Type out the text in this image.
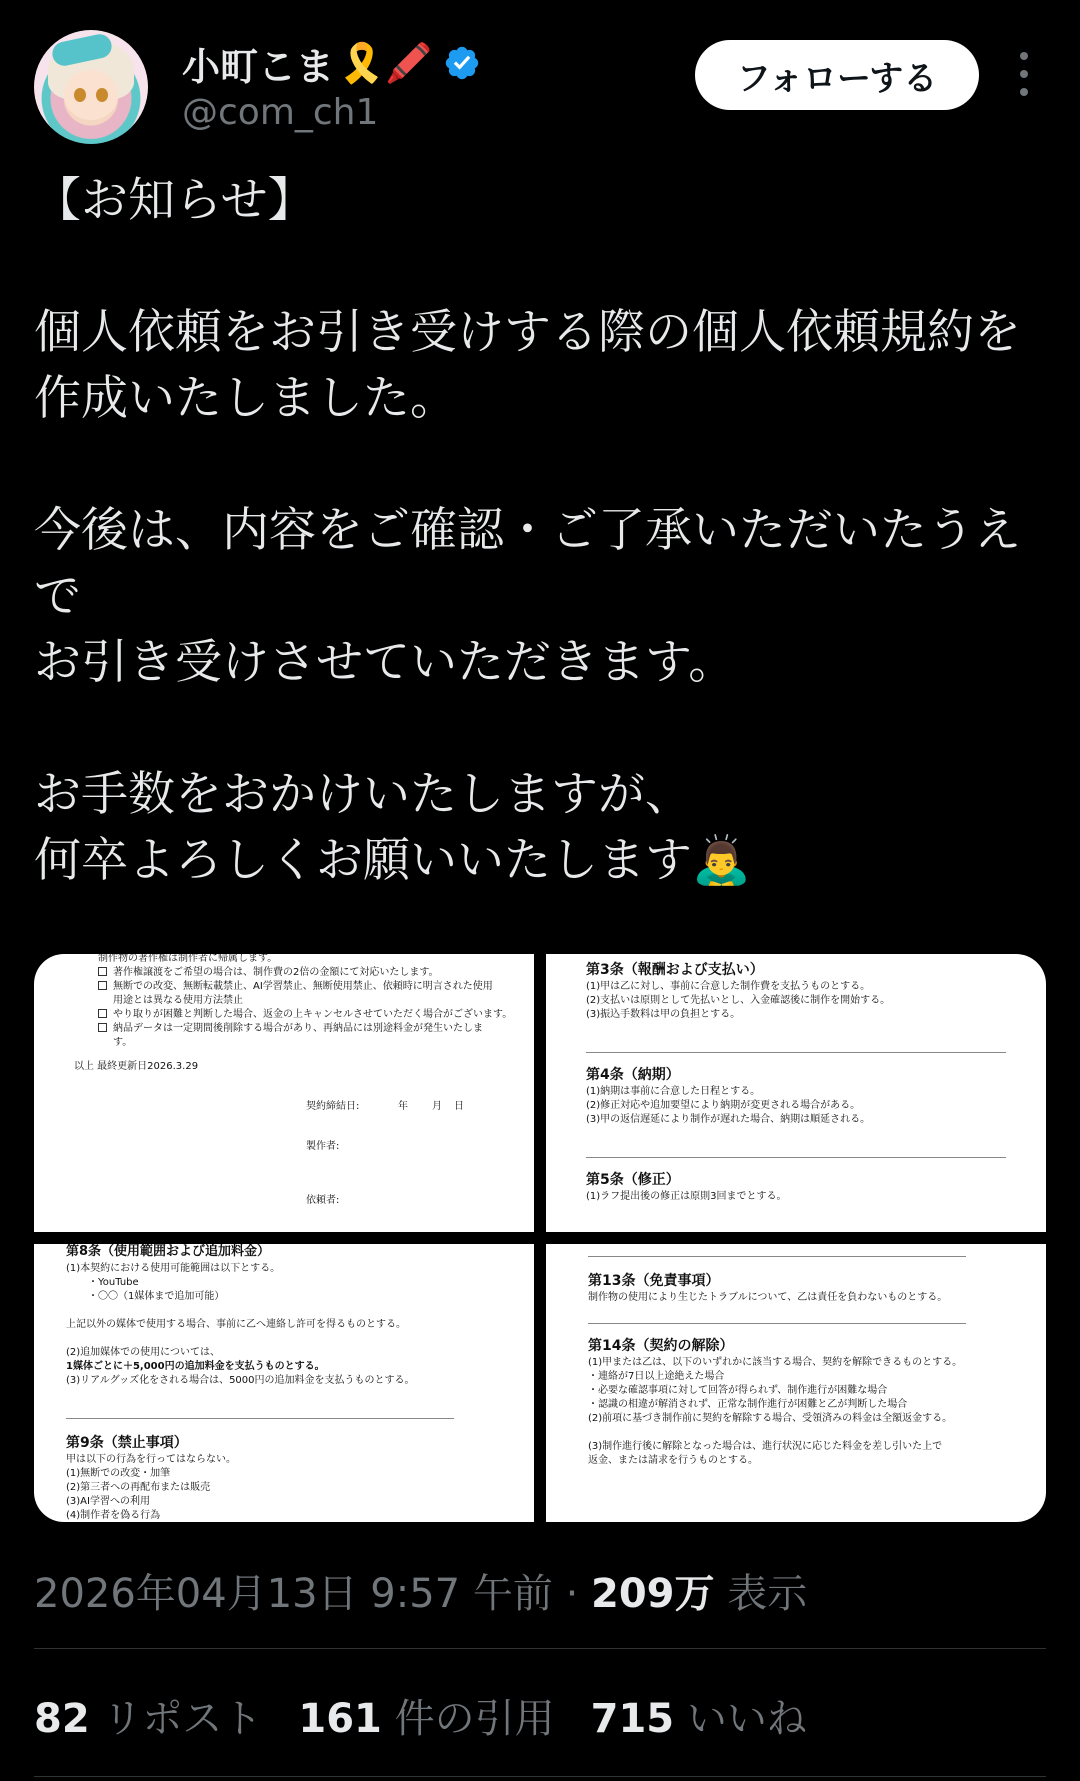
小町こま 🎗️🖍️
@com_ch1
フォローする
【お知らせ】
個人依頼をお引き受けする際の個人依頼規約を
作成いたしました。
今後は、内容をご確認・ご了承いただいたうえ
で
お引き受けさせていただきます。
お手数をおかけいたしますが、
何卒よろしくお願いいたします🙇‍♂️
制作物の著作権は制作者に帰属します。
著作権譲渡をご希望の場合は、制作費の2倍の金額にて対応いたします。
無断での改変、無断転載禁止、AI学習禁止、無断使用禁止、依頼時に明言された使用
用途とは異なる使用方法禁止
やり取りが困難と判断した場合、返金の上キャンセルさせていただく場合がございます。
納品データは一定期間後削除する場合があり、再納品には別途料金が発生いたしま
す。
以上 最終更新日2026.3.29
契約締結日:	年 月 日
製作者:
依頼者:
第3条（報酬および支払い）
(1)甲は乙に対し、事前に合意した制作費を支払うものとする。
(2)支払いは原則として先払いとし、入金確認後に制作を開始する。
(3)振込手数料は甲の負担とする。
第4条（納期）
(1)納期は事前に合意した日程とする。
(2)修正対応や追加要望により納期が変更される場合がある。
(3)甲の返信遅延により制作が遅れた場合、納期は順延される。
第5条（修正）
(1)ラフ提出後の修正は原則3回までとする。
第8条（使用範囲および追加料金）
(1)本契約における使用可能範囲は以下とする。
・YouTube
・〇〇（1媒体まで追加可能）

上記以外の媒体で使用する場合、事前に乙へ連絡し許可を得るものとする。

(2)追加媒体での使用については、
1媒体ごとに＋5,000円の追加料金を支払うものとする。
(3)リアルグッズ化をされる場合は、5000円の追加料金を支払うものとする。
第9条（禁止事項）
甲は以下の行為を行ってはならない。
(1)無断での改変・加筆
(2)第三者への再配布または販売
(3)AI学習への利用
(4)制作者を偽る行為
第13条（免責事項）
制作物の使用により生じたトラブルについて、乙は責任を負わないものとする。
第14条（契約の解除）
(1)甲または乙は、以下のいずれかに該当する場合、契約を解除できるものとする。
・連絡が7日以上途絶えた場合
・必要な確認事項に対して回答が得られず、制作進行が困難な場合
・認識の相違が解消されず、正常な制作進行が困難と乙が判断した場合
(2)前項に基づき制作前に契約を解除する場合、受領済みの料金は全額返金する。

(3)制作進行後に解除となった場合は、進行状況に応じた料金を差し引いた上で
返金、または請求を行うものとする。
2026年04月13日 9:57 午前 · 209万 表示
82 リポスト 161 件の引用 715 いいね
